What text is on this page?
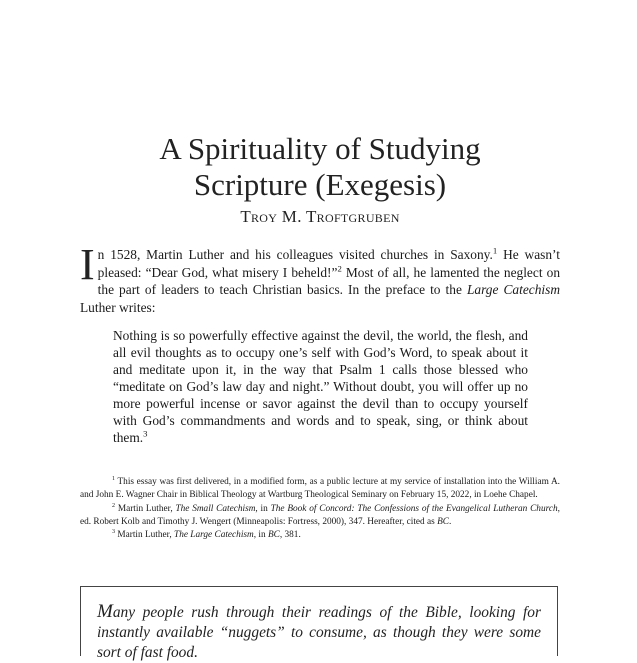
A Spirituality of Studying
Scripture (Exegesis)
Troy M. Troftgruben

In 1528, Martin Luther and his colleagues visited churches in Saxony.$^1$ He wasn’t pleased: “Dear God, what misery I beheld!”$^2$ Most of all, he lamented the neglect on the part of leaders to teach Christian basics. In the preface to the Large Catechism Luther writes:

Nothing is so powerfully effective against the devil, the world, the flesh, and all evil thoughts as to occupy one’s self with God’s Word, to speak about it and meditate upon it, in the way that Psalm 1 calls those blessed who “meditate on God’s law day and night.” Without doubt, you will offer up no more powerful incense or savor against the devil than to occupy yourself with God’s commandments and words and to speak, sing, or think about them.$^3$

$^1$ This essay was first delivered, in a modified form, as a public lecture at my service of installation into the William A. and John E. Wagner Chair in Biblical Theology at Wartburg Theological Seminary on February 15, 2022, in Loehe Chapel.

$^2$ Martin Luther, The Small Catechism, in The Book of Concord: The Confessions of the Evangelical Lutheran Church, ed. Robert Kolb and Timothy J. Wengert (Minneapolis: Fortress, 2000), 347. Hereafter, cited as BC.

$^3$ Martin Luther, The Large Catechism, in BC, 381.

Many people rush through their readings of the Bible, looking for instantly available “nuggets” to consume, as though they were some sort of fast food.
